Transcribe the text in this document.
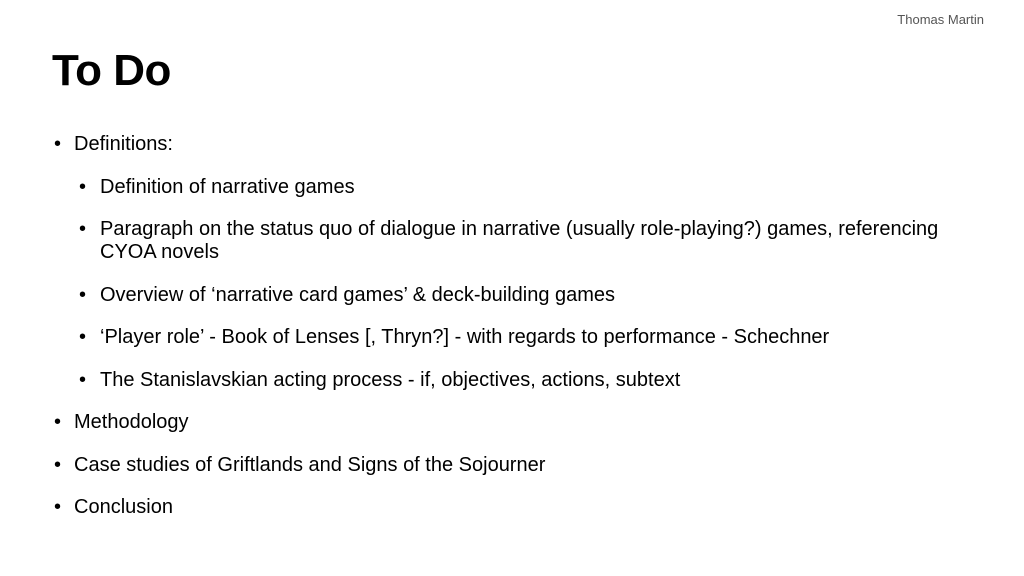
Thomas Martin
To Do
• Definitions:
• Definition of narrative games
• Paragraph on the status quo of dialogue in narrative (usually role-playing?) games, referencing CYOA novels
• Overview of ‘narrative card games’ & deck-building games
• ‘Player role’ - Book of Lenses [, Thryn?] - with regards to performance - Schechner
• The Stanislavskian acting process - if, objectives, actions, subtext
• Methodology
• Case studies of Griftlands and Signs of the Sojourner
• Conclusion
